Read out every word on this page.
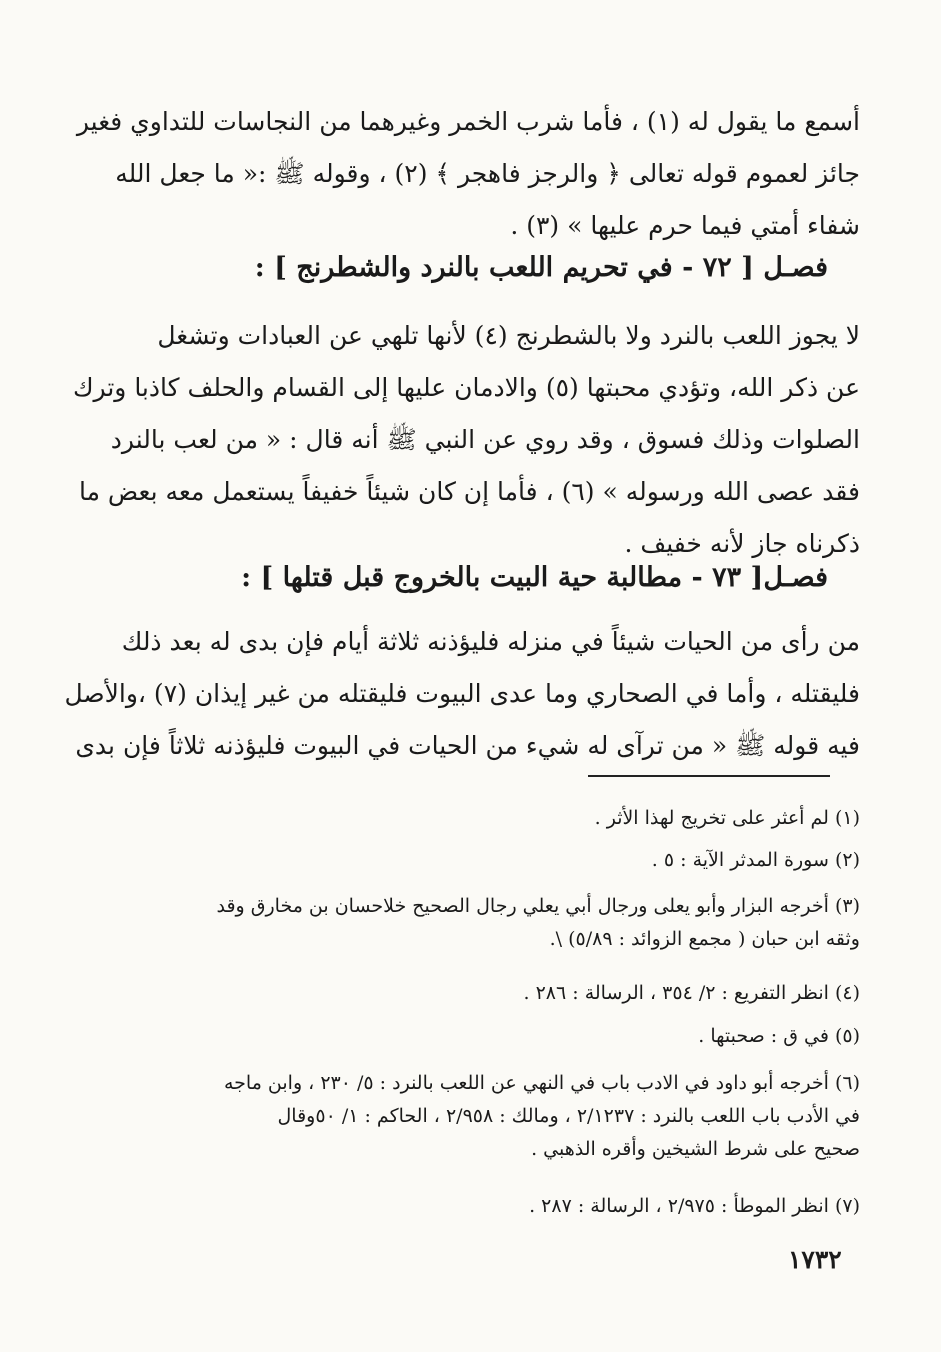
أسمع ما يقول له (١) ، فأما شرب الخمر وغيرهما من النجاسات للتداوي فغير
جائز لعموم قوله تعالى ﴿ والرجز فاهجر ﴾ (٢) ، وقوله ﷺ :« ما جعل الله
شفاء أمتي فيما حرم عليها » (٣) .
فصـل [ ٧٢ - في تحريم اللعب بالنرد والشطرنج ] :
لا يجوز اللعب بالنرد ولا بالشطرنج (٤) لأنها تلهي عن العبادات وتشغل
عن ذكر الله، وتؤدي محبتها (٥) والادمان عليها إلى القسام والحلف كاذبا وترك
الصلوات وذلك فسوق ، وقد روي عن النبي ﷺ أنه قال : « من لعب بالنرد
فقد عصى الله ورسوله » (٦) ، فأما إن كان شيئاً خفيفاً يستعمل معه بعض ما
ذكرناه جاز لأنه خفيف .
فصـل[ ٧٣ - مطالبة حية البيت بالخروج قبل قتلها ] :
من رأى من الحيات شيئاً في منزله فليؤذنه ثلاثة أيام فإن بدى له بعد ذلك
فليقتله ، وأما في الصحاري وما عدى البيوت فليقتله من غير إيذان (٧) ،والأصل
فيه قوله ﷺ « من ترآى له شيء من الحيات في البيوت فليؤذنه ثلاثاً فإن بدى
(١) لم أعثر على تخريج لهذا الأثر .
(٢) سورة المدثر الآية : ٥ .
(٣) أخرجه البزار وأبو يعلى ورجال أبي يعلي رجال الصحيح خلاحسان بن مخارق وقد
وثقه ابن حبان ( مجمع الزوائد : ٥/٨٩) \.
(٤) انظر التفريع : ٢/ ٣٥٤ ، الرسالة : ٢٨٦ .
(٥) في ق : صحبتها .
(٦) أخرجه أبو داود في الادب باب في النهي عن اللعب بالنرد : ٥/ ٢٣٠ ، وابن ماجه
في الأدب باب اللعب بالنرد : ٢/١٢٣٧ ، ومالك : ٢/٩٥٨ ، الحاكم : ١/ ٥٠وقال
صحيح على شرط الشيخين وأقره الذهبي .
(٧) انظر الموطأ : ٢/٩٧٥ ، الرسالة : ٢٨٧ .
١٧٣٢
